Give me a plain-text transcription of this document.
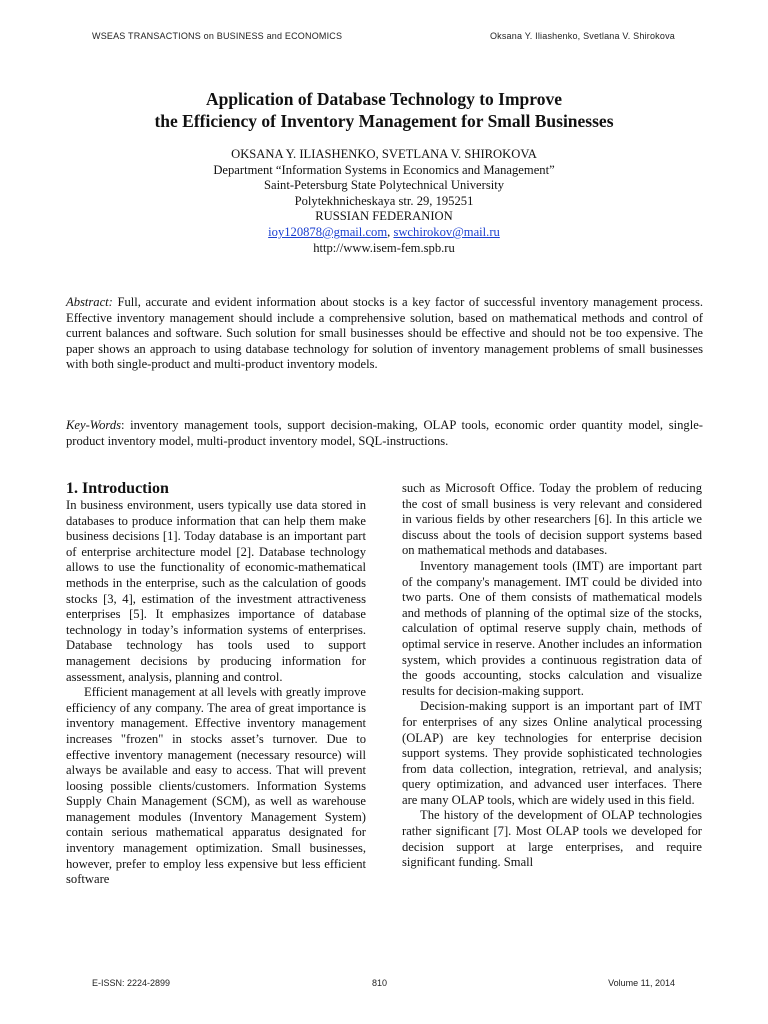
WSEAS TRANSACTIONS on BUSINESS and ECONOMICS	Oksana Y. Iliashenko, Svetlana V. Shirokova
Application of Database Technology to Improve
the Efficiency of Inventory Management for Small Businesses
OKSANA Y. ILIASHENKO, SVETLANA V. SHIROKOVA
Department “Information Systems in Economics and Management”
Saint-Petersburg State Polytechnical University
Polytekhnicheskaya str. 29, 195251
RUSSIAN FEDERANION
ioy120878@gmail.com, swchirokov@mail.ru
http://www.isem-fem.spb.ru
Abstract: Full, accurate and evident information about stocks is a key factor of successful inventory management process. Effective inventory management should include a comprehensive solution, based on mathematical methods and control of current balances and software. Such solution for small businesses should be effective and should not be too expensive. The paper shows an approach to using database technology for solution of inventory management problems of small businesses with both single-product and multi-product inventory models.
Key-Words: inventory management tools, support decision-making, OLAP tools, economic order quantity model, single-product inventory model, multi-product inventory model, SQL-instructions.
1. Introduction

In business environment, users typically use data stored in databases to produce information that can help them make business decisions [1]. Today database is an important part of enterprise architecture model [2]. Database technology allows to use the functionality of economic-mathematical methods in the enterprise, such as the calculation of goods stocks [3, 4], estimation of the investment attractiveness enterprises [5]. It emphasizes importance of database technology in today’s information systems of enterprises. Database technology has tools used to support management decisions by producing information for assessment, analysis, planning and control.

Efficient management at all levels with greatly improve efficiency of any company. The area of great importance is inventory management. Effective inventory management increases "frozen" in stocks asset’s turnover. Due to effective inventory management (necessary resource) will always be available and easy to access. That will prevent loosing possible clients/customers. Information Systems Supply Chain Management (SCM), as well as warehouse management modules (Inventory Management System) contain serious mathematical apparatus designated for inventory management optimization. Small businesses, however, prefer to employ less expensive but less efficient software

such as Microsoft Office. Today the problem of reducing the cost of small business is very relevant and considered in various fields by other researchers [6]. In this article we discuss about the tools of decision support systems based on mathematical methods and databases.

Inventory management tools (IMT) are important part of the company's management. IMT could be divided into two parts. One of them consists of mathematical models and methods of planning of the optimal size of the stocks, calculation of optimal reserve supply chain, methods of optimal service in reserve. Another includes an information system, which provides a continuous registration data of the goods accounting, stocks calculation and visualize results for decision-making support.

Decision-making support is an important part of IMT for enterprises of any sizes Online analytical processing (OLAP) are key technologies for enterprise decision support systems. They provide sophisticated technologies from data collection, integration, retrieval, and analysis; query optimization, and advanced user interfaces. There are many OLAP tools, which are widely used in this field.

The history of the development of OLAP technologies rather significant [7]. Most OLAP tools we developed for decision support at large enterprises, and require significant funding. Small

E-ISSN: 2224-2899	810	Volume 11, 2014
